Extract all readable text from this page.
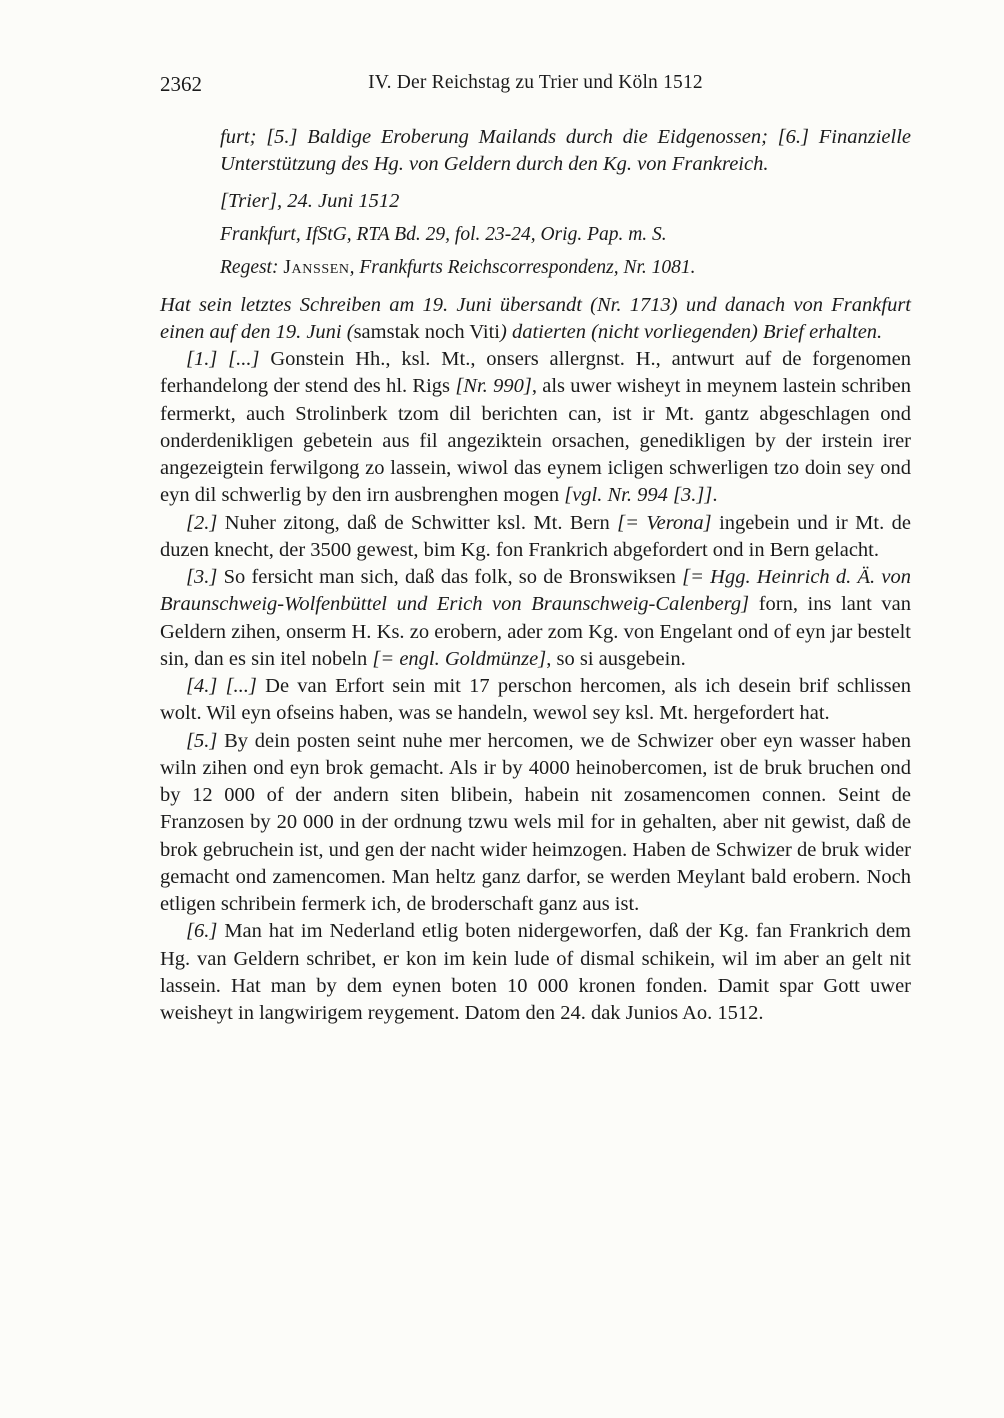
2362	IV. Der Reichstag zu Trier und Köln 1512

furt; [5.] Baldige Eroberung Mailands durch die Eidgenossen; [6.] Finanzielle Unterstützung des Hg. von Geldern durch den Kg. von Frankreich.

[Trier], 24. Juni 1512

Frankfurt, IfStG, RTA Bd. 29, fol. 23-24, Orig. Pap. m. S.

Regest: Janssen, Frankfurts Reichscorrespondenz, Nr. 1081.

Hat sein letztes Schreiben am 19. Juni übersandt (Nr. 1713) und danach von Frankfurt einen auf den 19. Juni (samstak noch Viti) datierten (nicht vorliegenden) Brief erhalten.

[1.] [...] Gonstein Hh., ksl. Mt., onsers allergnst. H., antwurt auf de forgenomen ferhandelong der stend des hl. Rigs [Nr. 990], als uwer wisheyt in meynem lastein schriben fermerkt, auch Strolinberk tzom dil berichten can, ist ir Mt. gantz abgeschlagen ond onderdenikligen gebetein aus fil angeziktein orsachen, genedikligen by der irstein irer angezeigtein ferwilgong zo lassein, wiwol das eynem icligen schwerligen tzo doin sey ond eyn dil schwerlig by den irn ausbrenghen mogen [vgl. Nr. 994 [3.]].

[2.] Nuher zitong, daß de Schwitter ksl. Mt. Bern [= Verona] ingebein und ir Mt. de duzen knecht, der 3500 gewest, bim Kg. fon Frankrich abgefordert ond in Bern gelacht.

[3.] So fersicht man sich, daß das folk, so de Bronswiksen [= Hgg. Heinrich d. Ä. von Braunschweig-Wolfenbüttel und Erich von Braunschweig-Calenberg] forn, ins lant van Geldern zihen, onserm H. Ks. zo erobern, ader zom Kg. von Engelant ond of eyn jar bestelt sin, dan es sin itel nobeln [= engl. Goldmünze], so si ausgebein.

[4.] [...] De van Erfort sein mit 17 perschon hercomen, als ich desein brif schlissen wolt. Wil eyn ofseins haben, was se handeln, wewol sey ksl. Mt. hergefordert hat.

[5.] By dein posten seint nuhe mer hercomen, we de Schwizer ober eyn wasser haben wiln zihen ond eyn brok gemacht. Als ir by 4000 heinobercomen, ist de bruk bruchen ond by 12 000 of der andern siten blibein, habein nit zosamencomen connen. Seint de Franzosen by 20 000 in der ordnung tzwu wels mil for in gehalten, aber nit gewist, daß de brok gebruchein ist, und gen der nacht wider heimzogen. Haben de Schwizer de bruk wider gemacht ond zamencomen. Man heltz ganz darfor, se werden Meylant bald erobern. Noch etligen schribein fermerk ich, de broderschaft ganz aus ist.

[6.] Man hat im Nederland etlig boten nidergeworfen, daß der Kg. fan Frankrich dem Hg. van Geldern schribet, er kon im kein lude of dismal schikein, wil im aber an gelt nit lassein. Hat man by dem eynen boten 10 000 kronen fonden. Damit spar Gott uwer weisheyt in langwirigem reygement. Datom den 24. dak Junios Ao. 1512.
